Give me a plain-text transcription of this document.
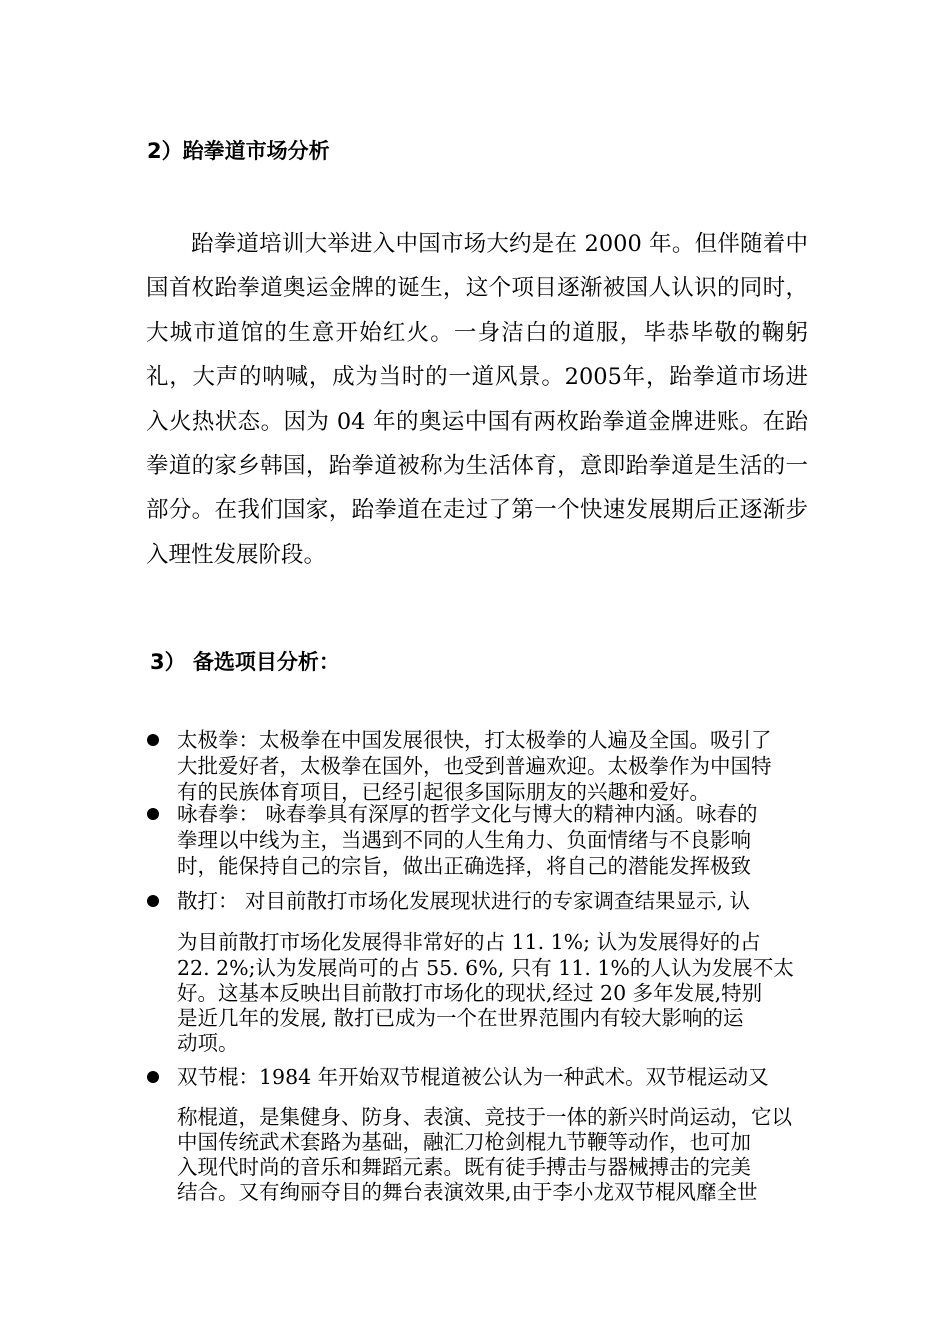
2）跆拳道市场分析

跆拳道培训大举进入中国市场大约是在 2000 年。但伴随着中国首枚跆拳道奥运金牌的诞生，这个项目逐渐被国人认识的同时，大城市道馆的生意开始红火。一身洁白的道服，毕恭毕敬的鞠躬礼，大声的呐喊，成为当时的一道风景。2005年，跆拳道市场进入火热状态。因为 04 年的奥运中国有两枚跆拳道金牌进账。在跆拳道的家乡韩国，跆拳道被称为生活体育，意即跆拳道是生活的一部分。在我们国家，跆拳道在走过了第一个快速发展期后正逐渐步入理性发展阶段。

3） 备选项目分析：
太极拳：太极拳在中国发展很快，打太极拳的人遍及全国。吸引了
大批爱好者，太极拳在国外，也受到普遍欢迎。太极拳作为中国特
有的民族体育项目，已经引起很多国际朋友的兴趣和爱好。
咏春拳： 咏春拳具有深厚的哲学文化与博大的精神内涵。咏春的
拳理以中线为主，当遇到不同的人生角力、负面情绪与不良影响
时，能保持自己的宗旨，做出正确选择，将自己的潜能发挥极致
散打： 对目前散打市场化发展现状进行的专家调查结果显示, 认
为目前散打市场化发展得非常好的占 11. 1%; 认为发展得好的占
22. 2%;认为发展尚可的占 55. 6%, 只有 11. 1%的人认为发展不太
好。这基本反映出目前散打市场化的现状,经过 20 多年发展,特别
是近几年的发展, 散打已成为一个在世界范围内有较大影响的运
动项。
双节棍：1984 年开始双节棍道被公认为一种武术。双节棍运动又
称棍道，是集健身、防身、表演、竞技于一体的新兴时尚运动，它以
中国传统武术套路为基础，融汇刀枪剑棍九节鞭等动作，也可加
入现代时尚的音乐和舞蹈元素。既有徒手搏击与器械搏击的完美
结合。又有绚丽夺目的舞台表演效果,由于李小龙双节棍风靡全世
